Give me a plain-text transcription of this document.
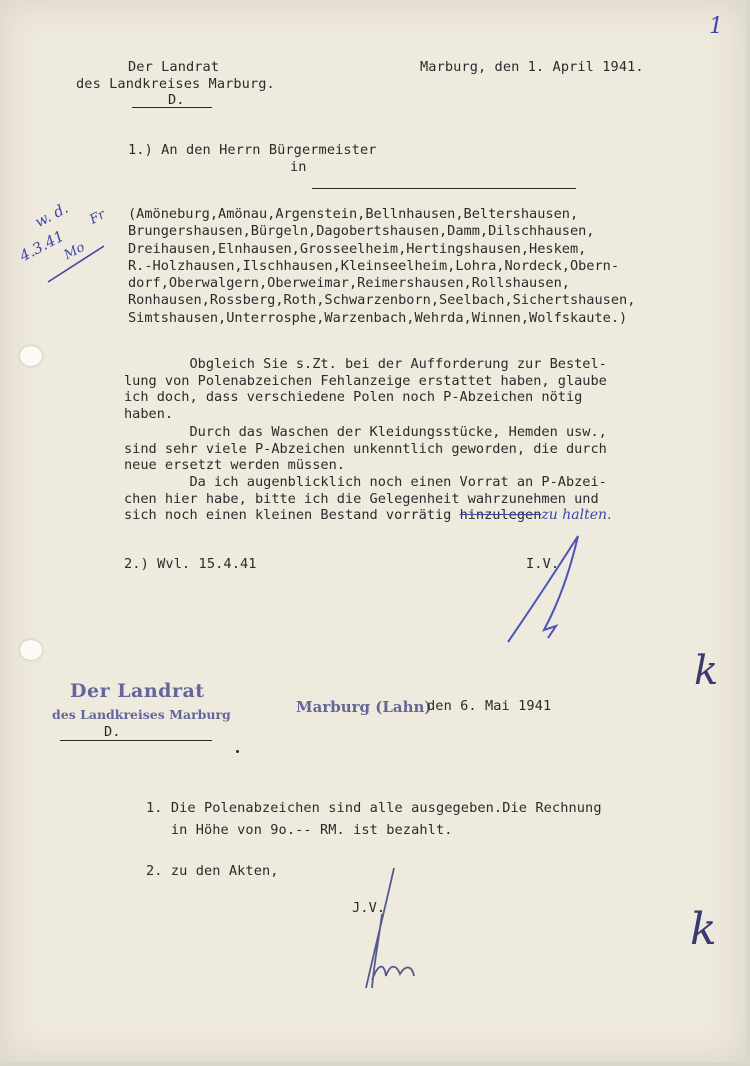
1
Der Landrat
des Landkreises Marburg.
D.
Marburg, den 1. April 1941.
1.) An den Herrn Bürgermeister
in
w. d.
4.3.41
Fr
Mo
(Amöneburg,Amönau,Argenstein,Bellnhausen,Beltershausen,
Brungershausen,Bürgeln,Dagobertshausen,Damm,Dilschhausen,
Dreihausen,Elnhausen,Grosseelheim,Hertingshausen,Heskem,
R.-Holzhausen,Ilschhausen,Kleinseelheim,Lohra,Nordeck,Obern-
dorf,Oberwalgern,Oberweimar,Reimershausen,Rollshausen,
Ronhausen,Rossberg,Roth,Schwarzenborn,Seelbach,Sichertshausen,
Simtshausen,Unterrosphe,Warzenbach,Wehrda,Winnen,Wolfskaute.)
Obgleich Sie s.Zt. bei der Aufforderung zur Bestel-
lung von Polenabzeichen Fehlanzeige erstattet haben, glaube
ich doch, dass verschiedene Polen noch P-Abzeichen nötig
haben.
Durch das Waschen der Kleidungsstücke, Hemden usw.,
sind sehr viele P-Abzeichen unkenntlich geworden, die durch
neue ersetzt werden müssen.
Da ich augenblicklich noch einen Vorrat an P-Abzei-
chen hier habe, bitte ich die Gelegenheit wahrzunehmen und
sich noch einen kleinen Bestand vorrätig hinzulegenzu halten.
2.) Wvl. 15.4.41	I.V.
Der Landrat
des Landkreises Marburg
D.
Marburg (Lahn)
den 6. Mai 1941
1. Die Polenabzeichen sind alle ausgegeben.Die Rechnung
in Höhe von 9o.-- RM. ist bezahlt.
2. zu den Akten,
J.V.
k
k
